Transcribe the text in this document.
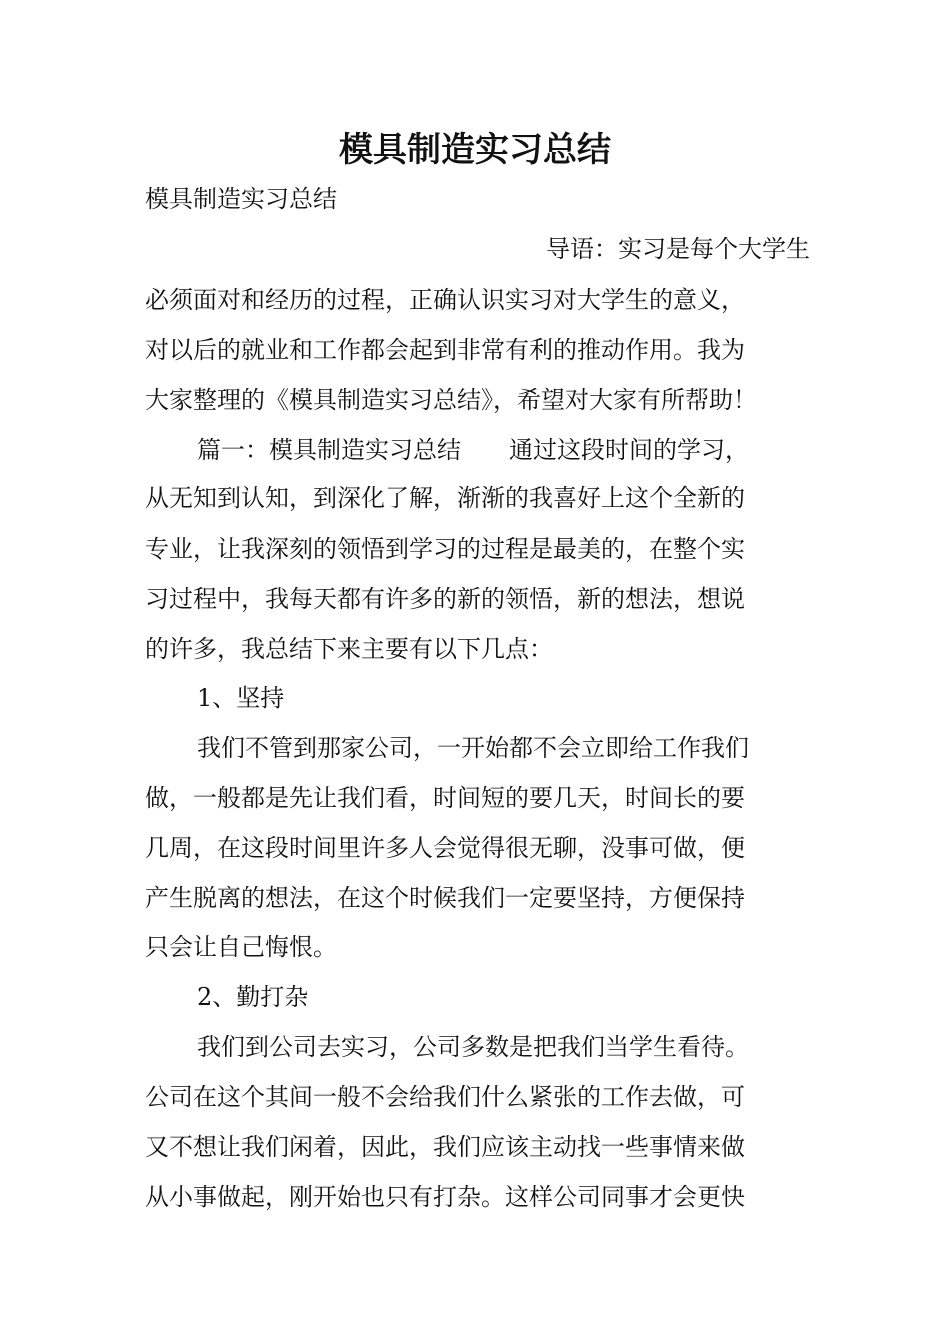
模具制造实习总结
模具制造实习总结
导语：实习是每个大学生
必须面对和经历的过程，正确认识实习对大学生的意义，
对以后的就业和工作都会起到非常有利的推动作用。我为
大家整理的《模具制造实习总结》，希望对大家有所帮助！
篇一：模具制造实习总结　　通过这段时间的学习，
从无知到认知，到深化了解，渐渐的我喜好上这个全新的
专业，让我深刻的领悟到学习的过程是最美的，在整个实
习过程中，我每天都有许多的新的领悟，新的想法，想说
的许多，我总结下来主要有以下几点：
1、坚持
我们不管到那家公司，一开始都不会立即给工作我们
做，一般都是先让我们看，时间短的要几天，时间长的要
几周，在这段时间里许多人会觉得很无聊，没事可做，便
产生脱离的想法，在这个时候我们一定要坚持，方便保持
只会让自己悔恨。
2、勤打杂
我们到公司去实习，公司多数是把我们当学生看待。
公司在这个其间一般不会给我们什么紧张的工作去做，可
又不想让我们闲着，因此，我们应该主动找一些事情来做
从小事做起，刚开始也只有打杂。这样公司同事才会更快
